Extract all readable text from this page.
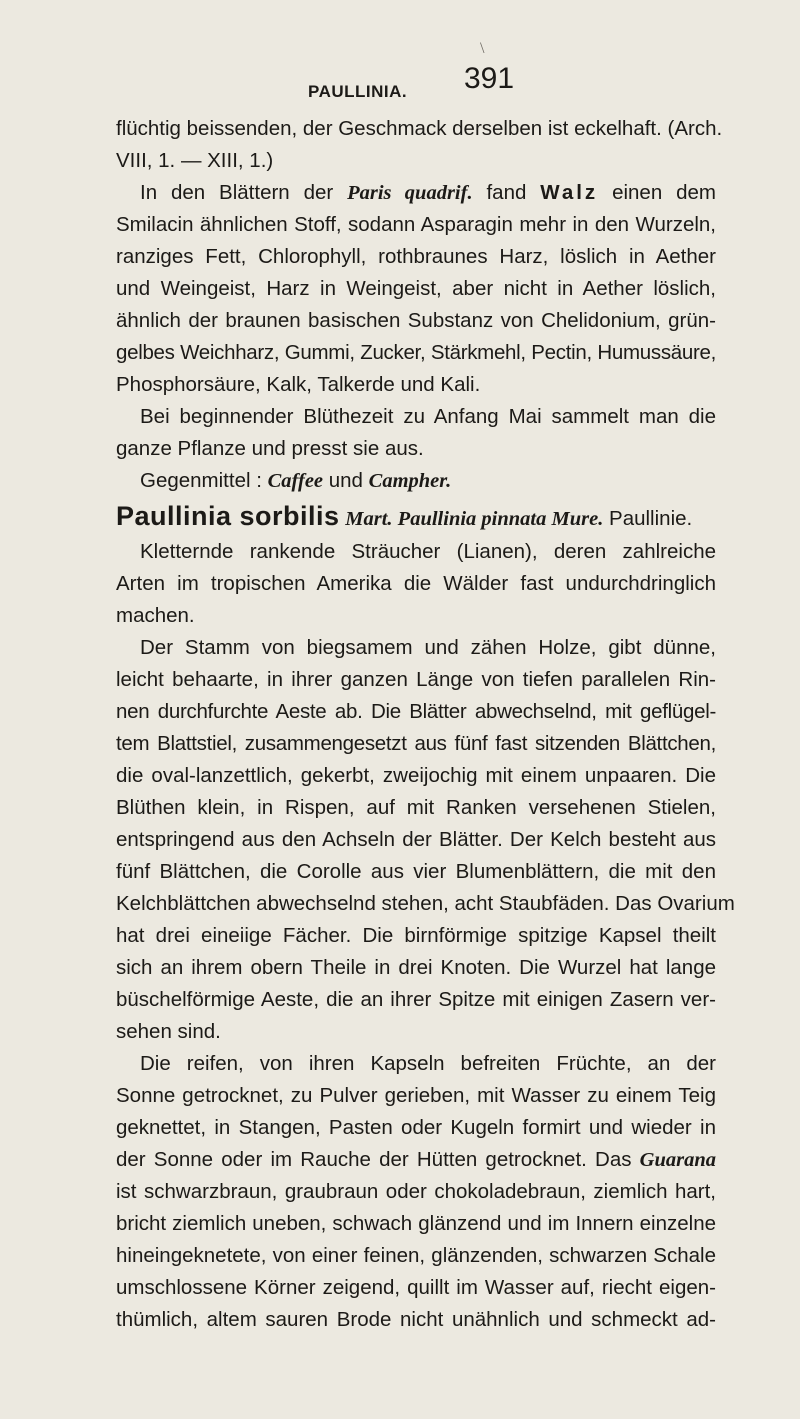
\
PAULLINIA. 391
flüchtig beissenden, der Geschmack derselben ist eckelhaft. (Arch.
VIII, 1. — XIII, 1.)
In den Blättern der Paris quadrif. fand Walz einen dem
Smilacin ähnlichen Stoff, sodann Asparagin mehr in den Wurzeln,
ranziges Fett, Chlorophyll, rothbraunes Harz, löslich in Aether
und Weingeist, Harz in Weingeist, aber nicht in Aether löslich,
ähnlich der braunen basischen Substanz von Chelidonium, grün-
gelbes Weichharz, Gummi, Zucker, Stärkmehl, Pectin, Humussäure,
Phosphorsäure, Kalk, Talkerde und Kali.
Bei beginnender Blüthezeit zu Anfang Mai sammelt man die
ganze Pflanze und presst sie aus.
Gegenmittel : Caffee und Campher.
Paullinia sorbilis Mart. Paullinia pinnata Mure. Paullinie.
Kletternde rankende Sträucher (Lianen), deren zahlreiche
Arten im tropischen Amerika die Wälder fast undurchdringlich
machen.
Der Stamm von biegsamem und zähen Holze, gibt dünne,
leicht behaarte, in ihrer ganzen Länge von tiefen parallelen Rin-
nen durchfurchte Aeste ab. Die Blätter abwechselnd, mit geflügel-
tem Blattstiel, zusammengesetzt aus fünf fast sitzenden Blättchen,
die oval-lanzettlich, gekerbt, zweijochig mit einem unpaaren. Die
Blüthen klein, in Rispen, auf mit Ranken versehenen Stielen,
entspringend aus den Achseln der Blätter. Der Kelch besteht aus
fünf Blättchen, die Corolle aus vier Blumenblättern, die mit den
Kelchblättchen abwechselnd stehen, acht Staubfäden. Das Ovarium
hat drei eineiige Fächer. Die birnförmige spitzige Kapsel theilt
sich an ihrem obern Theile in drei Knoten. Die Wurzel hat lange
büschelförmige Aeste, die an ihrer Spitze mit einigen Zasern ver-
sehen sind.
Die reifen, von ihren Kapseln befreiten Früchte, an der
Sonne getrocknet, zu Pulver gerieben, mit Wasser zu einem Teig
geknettet, in Stangen, Pasten oder Kugeln formirt und wieder in
der Sonne oder im Rauche der Hütten getrocknet. Das Guarana
ist schwarzbraun, graubraun oder chokoladebraun, ziemlich hart,
bricht ziemlich uneben, schwach glänzend und im Innern einzelne
hineingeknetete, von einer feinen, glänzenden, schwarzen Schale
umschlossene Körner zeigend, quillt im Wasser auf, riecht eigen-
thümlich, altem sauren Brode nicht unähnlich und schmeckt ad-
